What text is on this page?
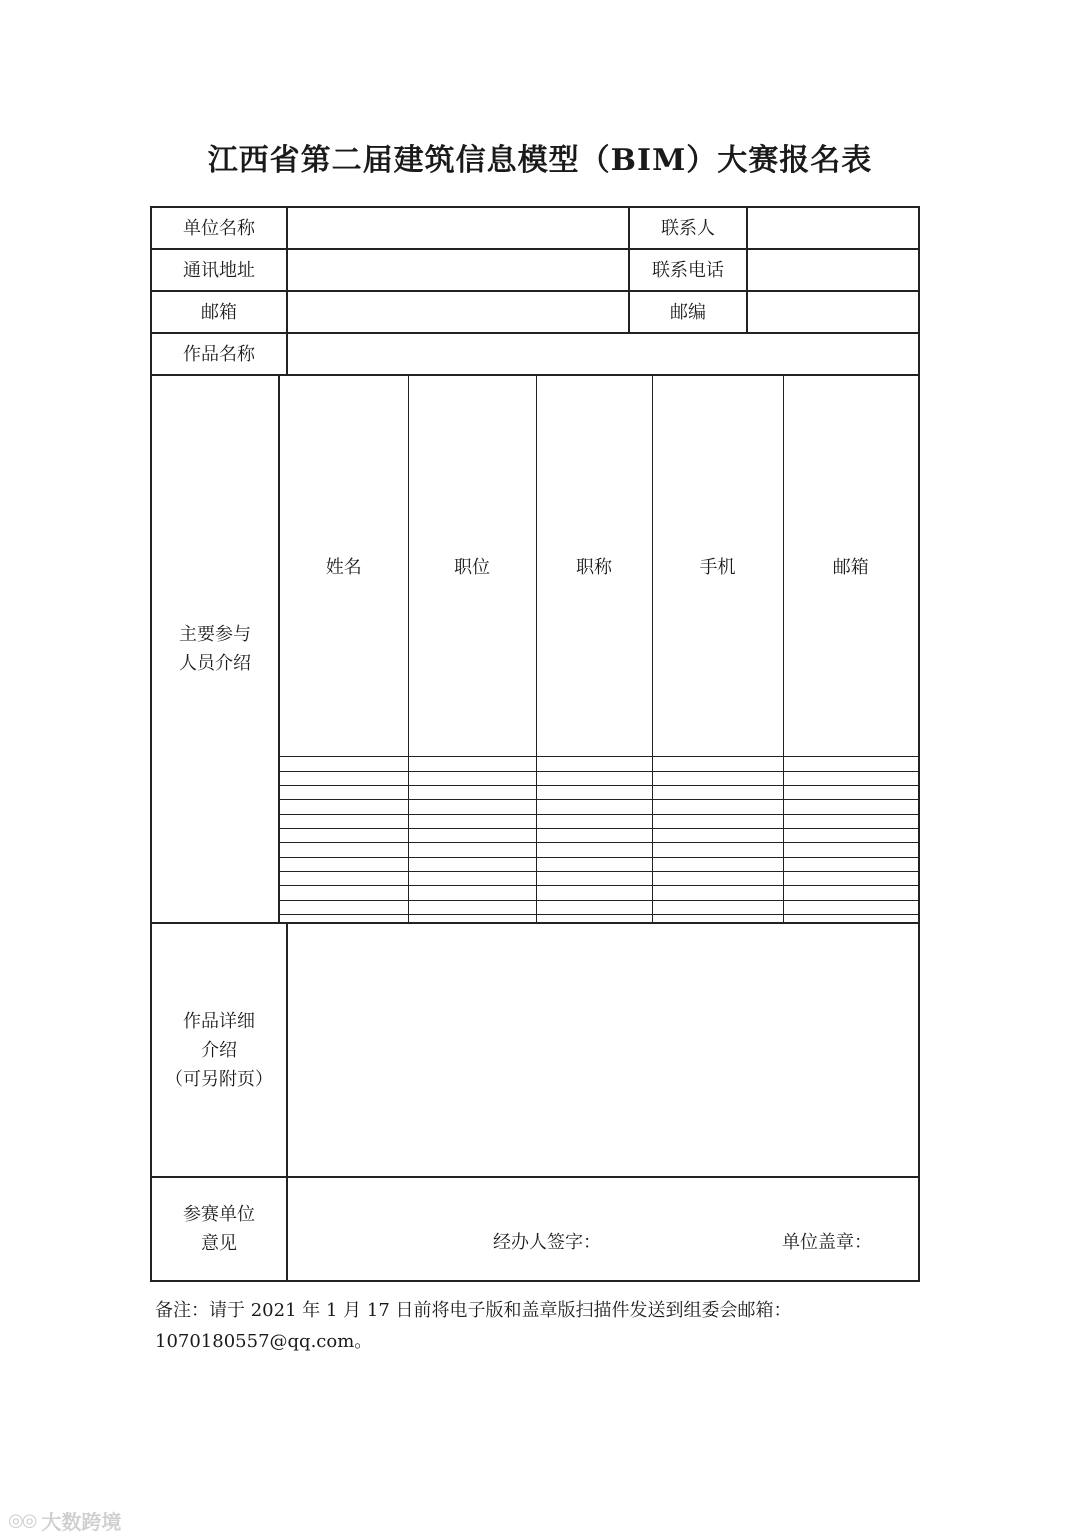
江西省第二届建筑信息模型（BIM）大赛报名表
单位名称		联系人	
通讯地址		联系电话	
邮箱		邮编	
作品名称	

主要参与
人员介绍

姓名	职位	职称	手机	邮箱

作品详细
介绍
（可另附页）

参赛单位
意见	经办人签字：	单位盖章：
备注：请于 2021 年 1 月 17 日前将电子版和盖章版扫描件发送到组委会邮箱：
1070180557@qq.com。
◎◎ 大数跨境
